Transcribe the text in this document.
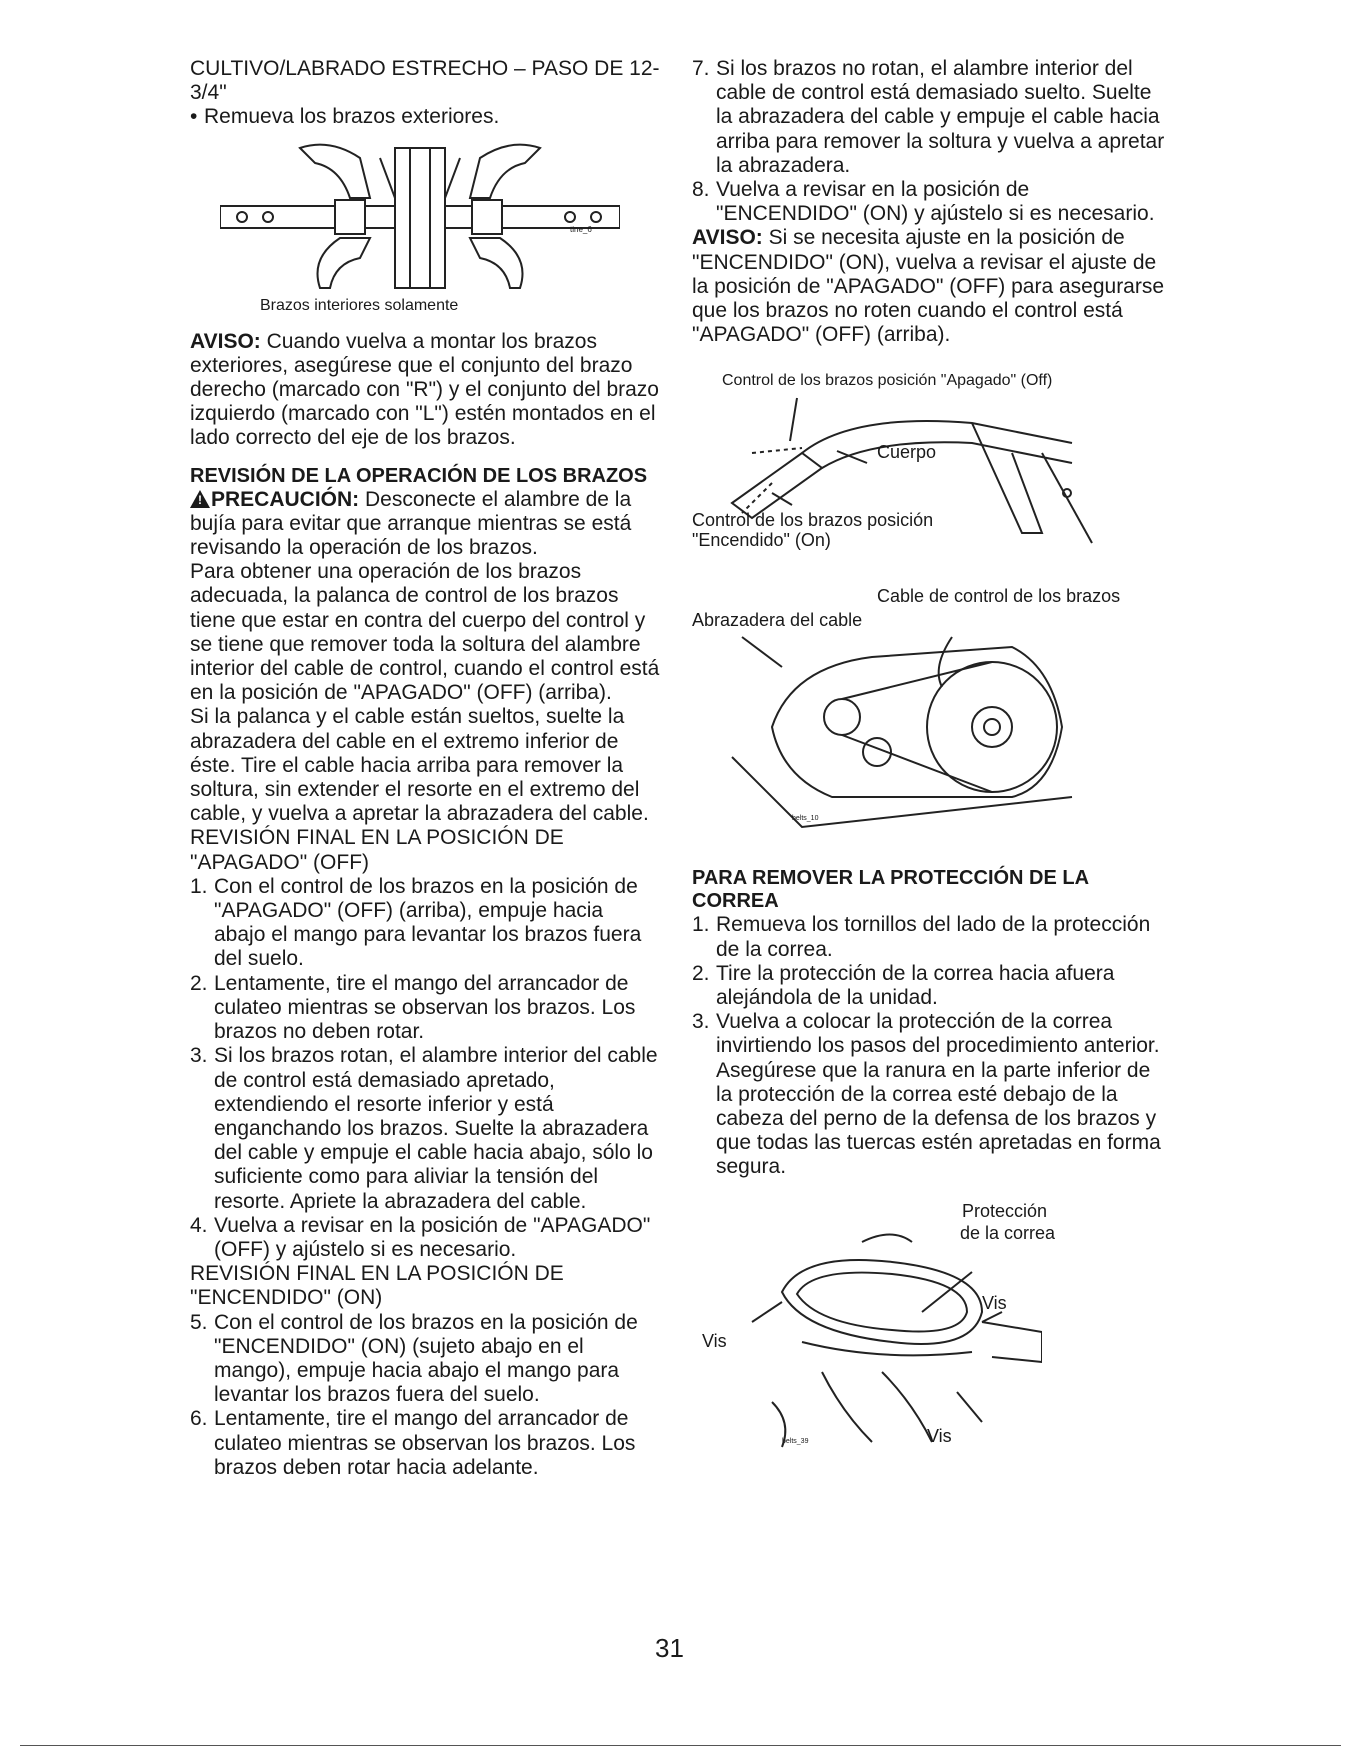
CULTIVO/LABRADO ESTRECHO – PASO DE 12-3/4"

• Remueva los brazos exteriores.

tine_6
Brazos interiores solamente

AVISO: Cuando vuelva a montar los brazos exteriores, asegúrese que el conjunto del brazo derecho (marcado con "R") y el conjunto del brazo izquierdo (marcado con "L") estén montados en el lado correcto del eje de los brazos.

REVISIÓN DE LA OPERACIÓN DE LOS BRAZOS

!PRECAUCIÓN: Desconecte el alambre de la bujía para evitar que arranque mientras se está revisando la operación de los brazos.

Para obtener una operación de los brazos adecuada, la palanca de control de los brazos tiene que estar en contra del cuerpo del control y se tiene que remover toda la soltura del alambre interior del cable de control, cuando el control está en la posición de "APAGADO" (OFF) (arriba).

Si la palanca y el cable están sueltos, suelte la abrazadera del cable en el extremo inferior de éste. Tire el cable hacia arriba para remover la soltura, sin extender el resorte en el extremo del cable, y vuelva a apretar la abrazadera del cable.

REVISIÓN FINAL EN LA POSICIÓN DE "APAGADO" (OFF)

1. Con el control de los brazos en la posición de "APAGADO" (OFF) (arriba), empuje hacia abajo el mango para levantar los brazos fuera del suelo.

2. Lentamente, tire el mango del arrancador de culateo mientras se observan los brazos. Los brazos no deben rotar.

3. Si los brazos rotan, el alambre interior del cable de control está demasiado apretado, extendiendo el resorte inferior y está enganchando los brazos. Suelte la abrazadera del cable y empuje el cable hacia abajo, sólo lo suficiente como para aliviar la tensión del resorte. Apriete la abrazadera del cable.

4. Vuelva a revisar en la posición de "APAGADO" (OFF) y ajústelo si es necesario.

REVISIÓN FINAL EN LA POSICIÓN DE "ENCENDIDO" (ON)

5. Con el control de los brazos en la posición de "ENCENDIDO" (ON) (sujeto abajo en el mango), empuje hacia abajo el mango para levantar los brazos fuera del suelo.

6. Lentamente, tire el mango del arrancador de culateo mientras se observan los brazos. Los brazos deben rotar hacia adelante.

7. Si los brazos no rotan, el alambre interior del cable de control está demasiado suelto. Suelte la abrazadera del cable y empuje el cable hacia arriba para remover la soltura y vuelva a apretar la abrazadera.

8. Vuelva a revisar en la posición de "ENCENDIDO" (ON) y ajústelo si es necesario.

AVISO: Si se necesita ajuste en la posición de "ENCENDIDO" (ON), vuelva a revisar el ajuste de la posición de "APAGADO" (OFF) para asegurarse que los brazos no roten cuando el control está "APAGADO" (OFF) (arriba).

Control de los brazos posición "Apagado" (Off)
Cuerpo
Control de los brazos posición
"Encendido" (On)
Cable de control de los brazos
Abrazadera del cable
belts_10

PARA REMOVER LA PROTECCIÓN DE LA CORREA

1. Remueva los tornillos del lado de la protección de la correa.

2. Tire la protección de la correa hacia afuera alejándola de la unidad.

3. Vuelva a colocar la protección de la correa invirtiendo los pasos del procedimiento anterior. Asegúrese que la ranura en la parte inferior de la protección de la correa esté debajo de la cabeza del perno de la defensa de los brazos y que todas las tuercas estén apretadas en forma segura.

Protección
de la correa
Vis
Vis
Vis
belts_39
31
